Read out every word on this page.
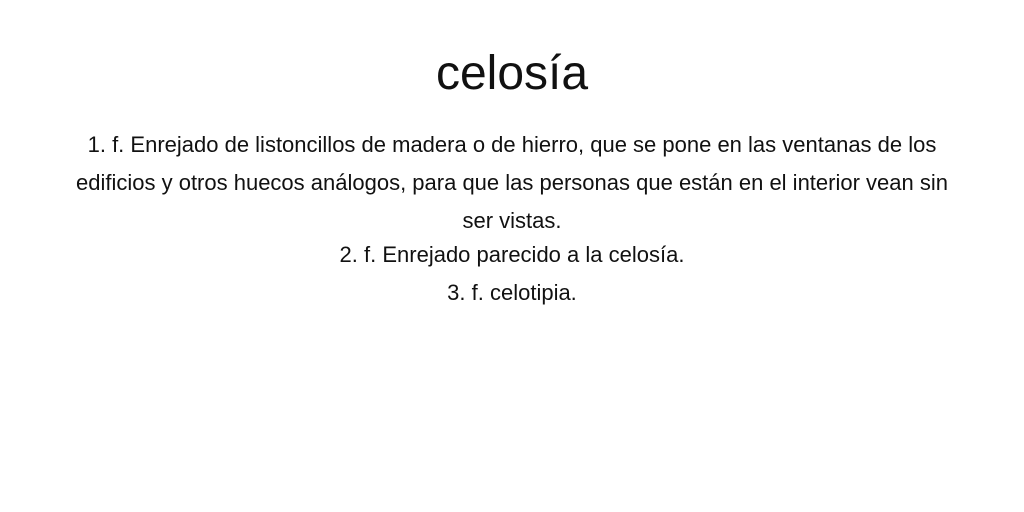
celosía
1. f. Enrejado de listoncillos de madera o de hierro, que se pone en las ventanas de los edificios y otros huecos análogos, para que las personas que están en el interior vean sin ser vistas.
2. f. Enrejado parecido a la celosía.
3. f. celotipia.
